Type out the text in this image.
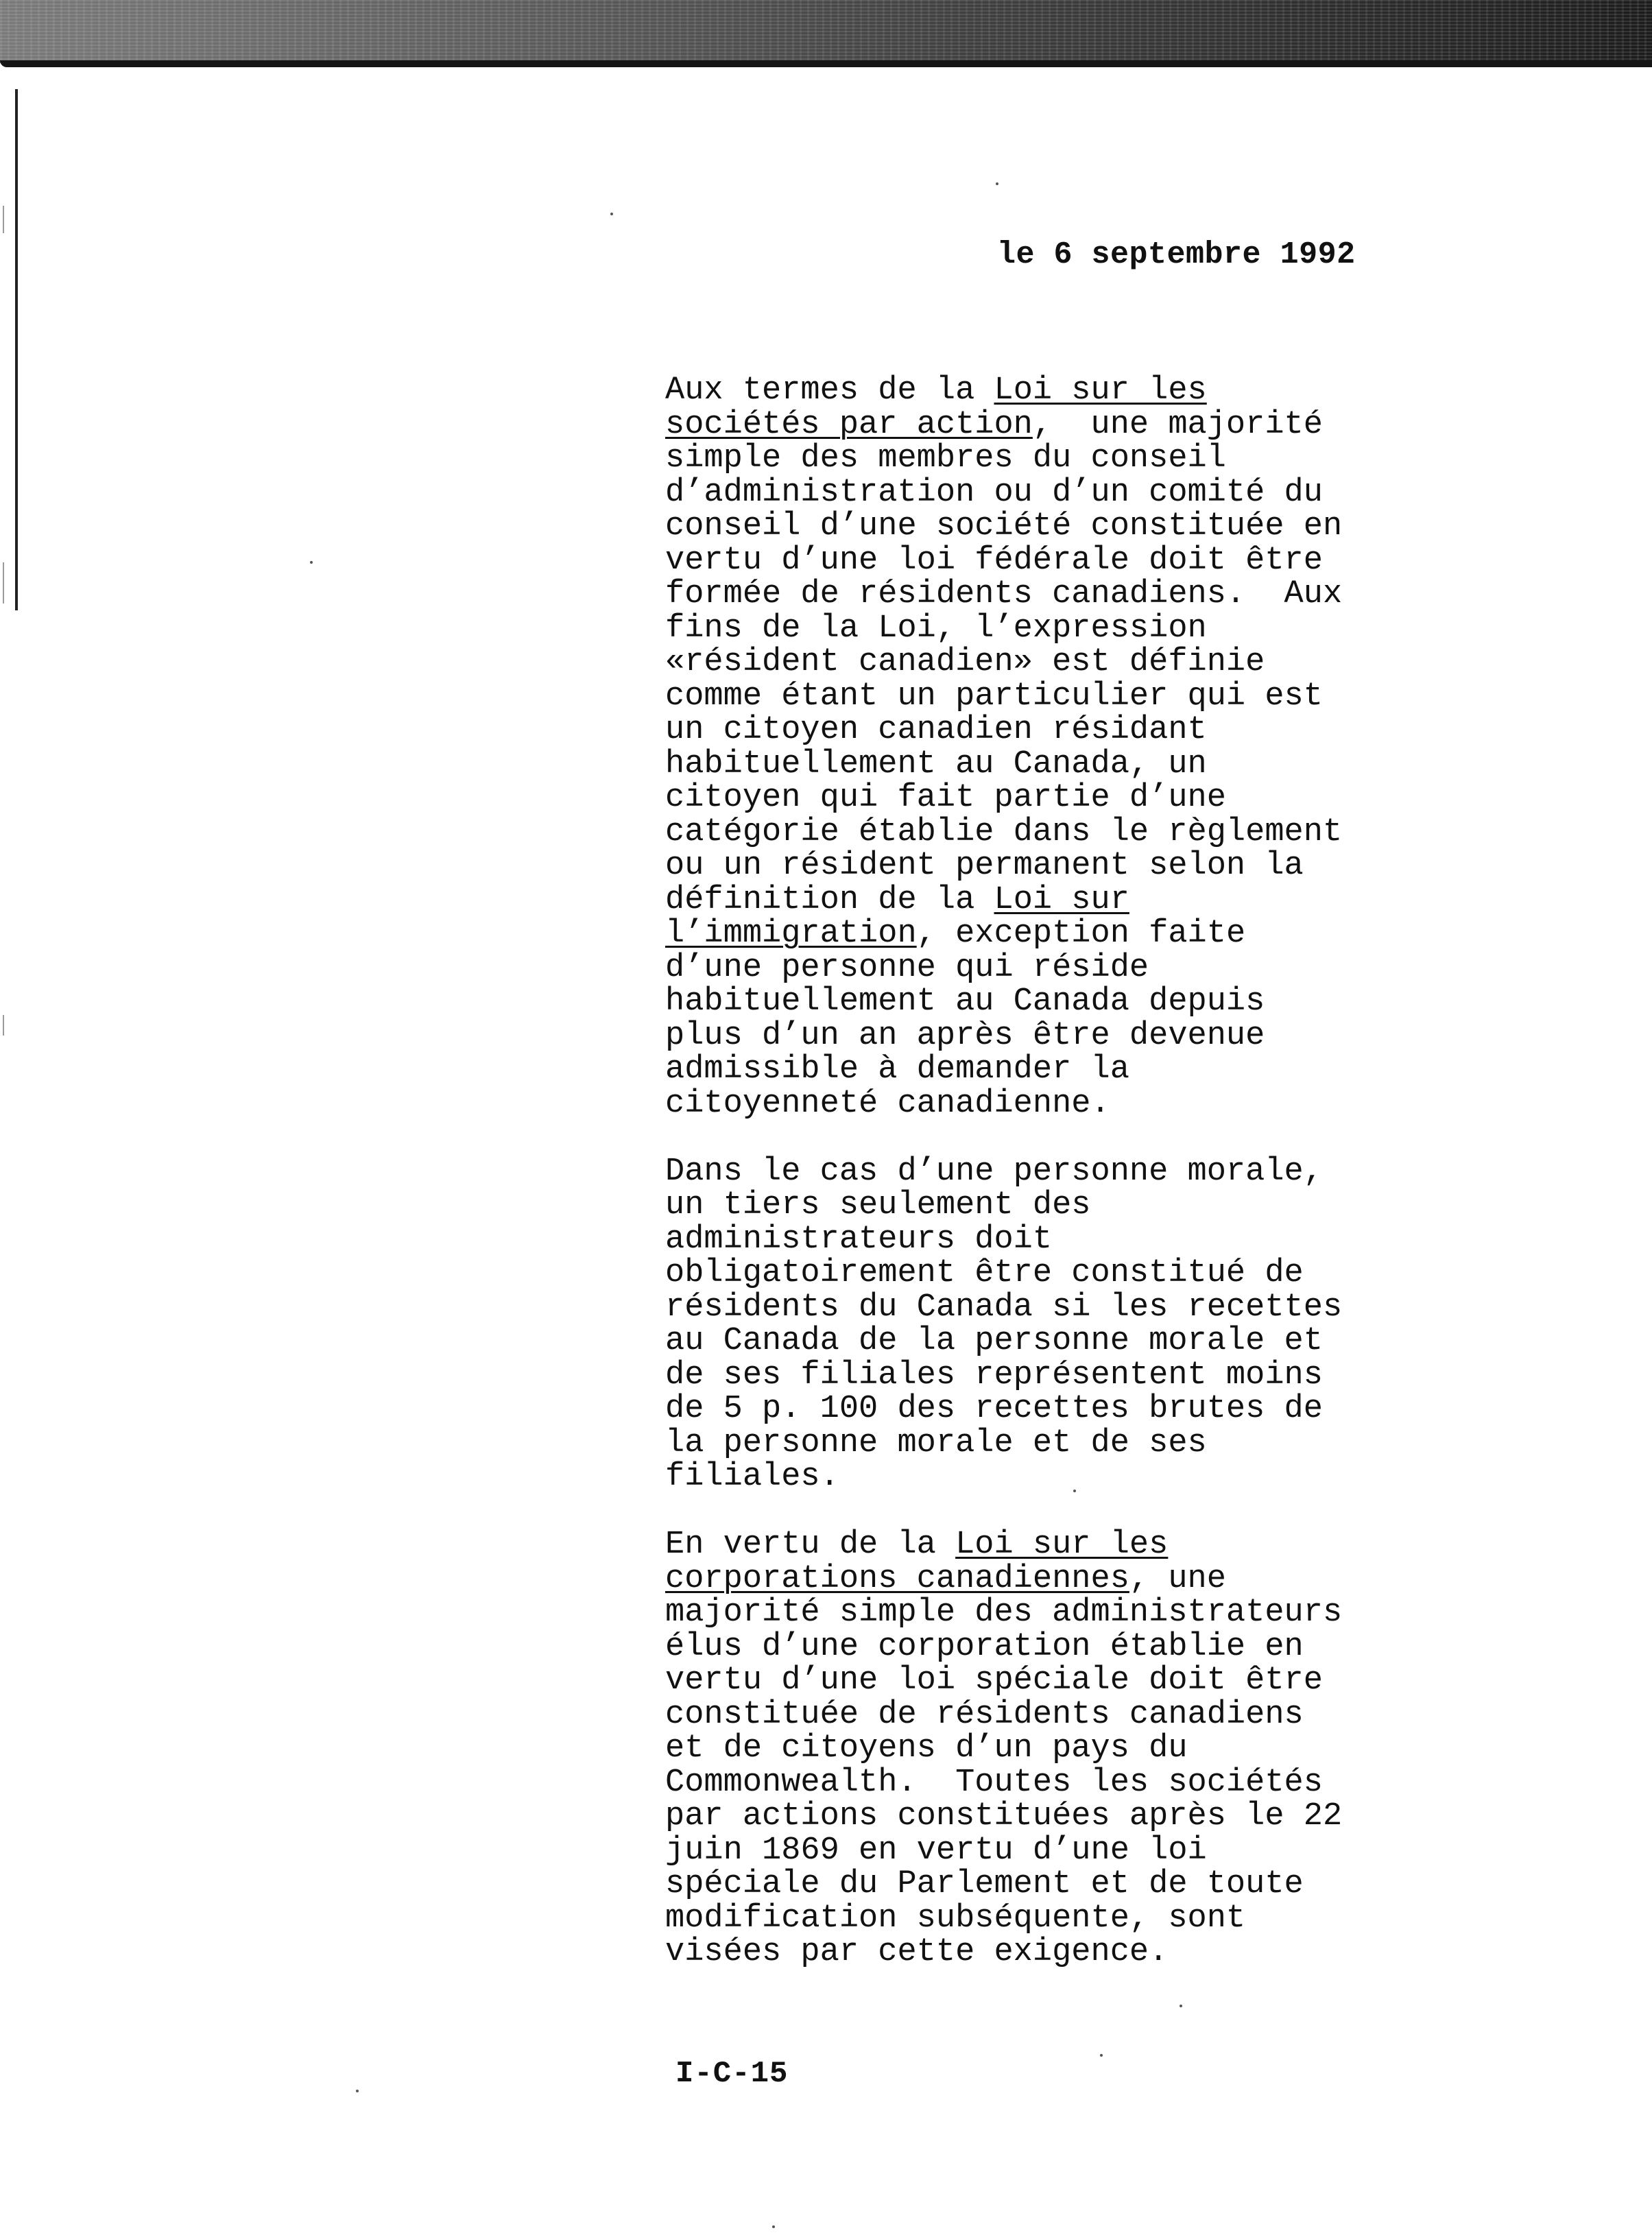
le 6 septembre 1992
Aux termes de la Loi sur les
sociétés par action,  une majorité
simple des membres du conseil
d’administration ou d’un comité du
conseil d’une société constituée en
vertu d’une loi fédérale doit être
formée de résidents canadiens.  Aux
fins de la Loi, l’expression
«résident canadien» est définie
comme étant un particulier qui est
un citoyen canadien résidant
habituellement au Canada, un
citoyen qui fait partie d’une
catégorie établie dans le règlement
ou un résident permanent selon la
définition de la Loi sur
l’immigration, exception faite
d’une personne qui réside
habituellement au Canada depuis
plus d’un an après être devenue
admissible à demander la
citoyenneté canadienne.
Dans le cas d’une personne morale,
un tiers seulement des
administrateurs doit
obligatoirement être constitué de
résidents du Canada si les recettes
au Canada de la personne morale et
de ses filiales représentent moins
de 5 p. 100 des recettes brutes de
la personne morale et de ses
filiales.
En vertu de la Loi sur les
corporations canadiennes, une
majorité simple des administrateurs
élus d’une corporation établie en
vertu d’une loi spéciale doit être
constituée de résidents canadiens
et de citoyens d’un pays du
Commonwealth.  Toutes les sociétés
par actions constituées après le 22
juin 1869 en vertu d’une loi
spéciale du Parlement et de toute
modification subséquente, sont
visées par cette exigence.
I-C-15
